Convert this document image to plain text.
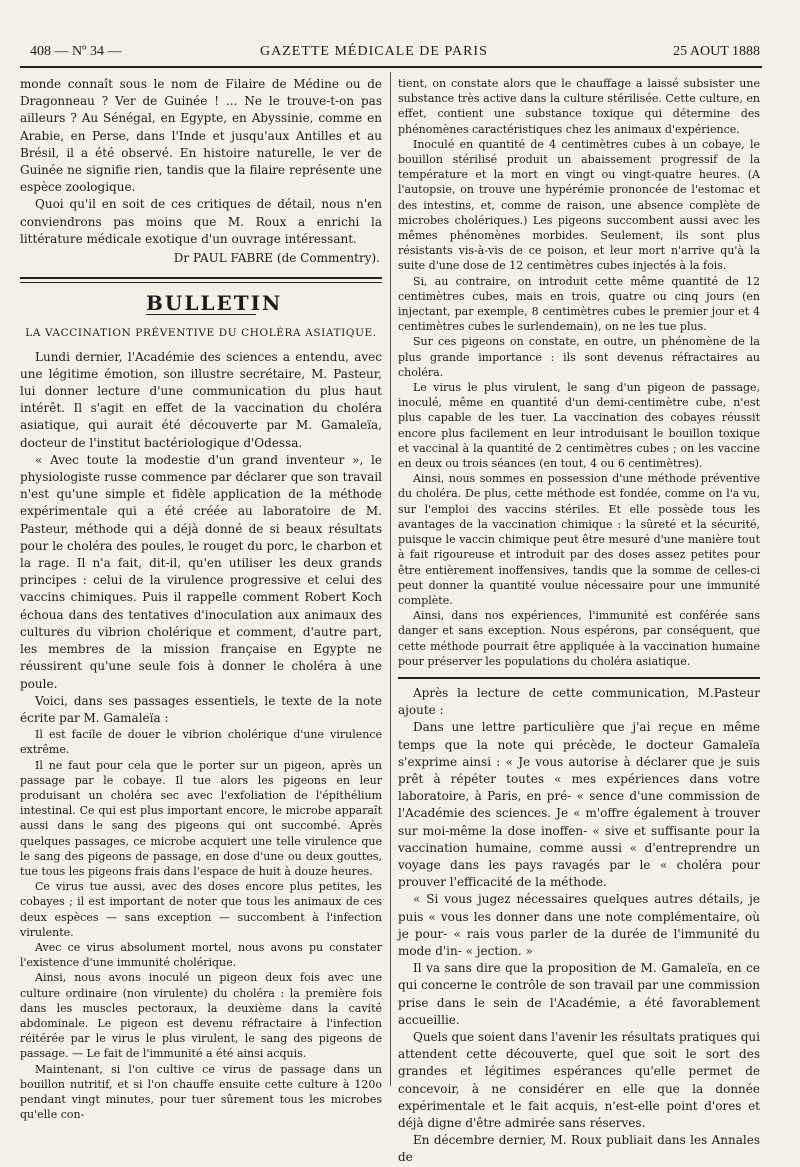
408 — Nº 34 —	GAZETTE MÉDICALE DE PARIS	25 AOUT 1888

monde connaît sous le nom de Filaire de Médine ou de Dragonneau ? Ver de Guinée ! ... Ne le trouve-t-on pas ailleurs ? Au Sénégal, en Egypte, en Abyssinie, comme en Arabie, en Perse, dans l'Inde et jusqu'aux Antilles et au Brésil, il a été observé. En histoire naturelle, le ver de Guinée ne signifie rien, tandis que la filaire représente une espèce zoologique.

Quoi qu'il en soit de ces critiques de détail, nous n'en conviendrons pas moins que M. Roux a enrichi la littérature médicale exotique d'un ouvrage intéressant.

Dr PAUL FABRE (de Commentry).
BULLETIN
LA VACCINATION PRÉVENTIVE DU CHOLÉRA ASIATIQUE.

Lundi dernier, l'Académie des sciences a entendu, avec une légitime émotion, son illustre secrétaire, M. Pasteur, lui donner lecture d'une communication du plus haut intérêt. Il s'agit en effet de la vaccination du choléra asiatique, qui aurait été découverte par M. Gamaleïa, docteur de l'institut bactériologique d'Odessa.

« Avec toute la modestie d'un grand inventeur », le physiologiste russe commence par déclarer que son travail n'est qu'une simple et fidèle application de la méthode expérimentale qui a été créée au laboratoire de M. Pasteur, méthode qui a déjà donné de si beaux résultats pour le choléra des poules, le rouget du porc, le charbon et la rage. Il n'a fait, dit-il, qu'en utiliser les deux grands principes : celui de la virulence progressive et celui des vaccins chimiques. Puis il rappelle comment Robert Koch échoua dans des tentatives d'inoculation aux animaux des cultures du vibrion cholérique et comment, d'autre part, les membres de la mission française en Egypte ne réussirent qu'une seule fois à donner le choléra à une poule.

Voici, dans ses passages essentiels, le texte de la note écrite par M. Gamaleïa :

Il est facile de douer le vibrion cholérique d'une virulence extrême.

Il ne faut pour cela que le porter sur un pigeon, après un passage par le cobaye. Il tue alors les pigeons en leur produisant un choléra sec avec l'exfoliation de l'épithélium intestinal. Ce qui est plus important encore, le microbe apparaît aussi dans le sang des pigeons qui ont succombé. Après quelques passages, ce microbe acquiert une telle virulence que le sang des pigeons de passage, en dose d'une ou deux gouttes, tue tous les pigeons frais dans l'espace de huit à douze heures.

Ce virus tue aussi, avec des doses encore plus petites, les cobayes ; il est important de noter que tous les animaux de ces deux espèces — sans exception — succombent à l'infection virulente.

Avec ce virus absolument mortel, nous avons pu constater l'existence d'une immunité cholérique.

Ainsi, nous avons inoculé un pigeon deux fois avec une culture ordinaire (non virulente) du choléra : la première fois dans les muscles pectoraux, la deuxième dans la cavité abdominale. Le pigeon est devenu réfractaire à l'infection réitérée par le virus le plus virulent, le sang des pigeons de passage. — Le fait de l'immunité a été ainsi acquis.

Maintenant, si l'on cultive ce virus de passage dans un bouillon nutritif, et si l'on chauffe ensuite cette culture à 120o pendant vingt minutes, pour tuer sûrement tous les microbes qu'elle con-

tient, on constate alors que le chauffage a laissé subsister une substance très active dans la culture stérilisée. Cette culture, en effet, contient une substance toxique qui détermine des phénomènes caractéristiques chez les animaux d'expérience.

Inoculé en quantité de 4 centimètres cubes à un cobaye, le bouillon stérilisé produit un abaissement progressif de la température et la mort en vingt ou vingt-quatre heures. (A l'autopsie, on trouve une hypérémie prononcée de l'estomac et des intestins, et, comme de raison, une absence complète de microbes cholériques.) Les pigeons succombent aussi avec les mêmes phénomènes morbides. Seulement, ils sont plus résistants vis-à-vis de ce poison, et leur mort n'arrive qu'à la suite d'une dose de 12 centimètres cubes injectés à la fois.

Si, au contraire, on introduit cette même quantité de 12 centimètres cubes, mais en trois, quatre ou cinq jours (en injectant, par exemple, 8 centimètres cubes le premier jour et 4 centimètres cubes le surlendemain), on ne les tue plus.

Sur ces pigeons on constate, en outre, un phénomène de la plus grande importance : ils sont devenus réfractaires au choléra.

Le virus le plus virulent, le sang d'un pigeon de passage, inoculé, même en quantité d'un demi-centimètre cube, n'est plus capable de les tuer. La vaccination des cobayes réussit encore plus facilement en leur introduisant le bouillon toxique et vaccinal à la quantité de 2 centimètres cubes ; on les vaccine en deux ou trois séances (en tout, 4 ou 6 centimètres).

Ainsi, nous sommes en possession d'une méthode préventive du choléra. De plus, cette méthode est fondée, comme on l'a vu, sur l'emploi des vaccins stériles. Et elle possède tous les avantages de la vaccination chimique : la sûreté et la sécurité, puisque le vaccin chimique peut être mesuré d'une manière tout à fait rigoureuse et introduit par des doses assez petites pour être entièrement inoffensives, tandis que la somme de celles-ci peut donner la quantité voulue nécessaire pour une immunité complète.

Ainsi, dans nos expériences, l'immunité est conférée sans danger et sans exception. Nous espérons, par conséquent, que cette méthode pourrait être appliquée à la vaccination humaine pour préserver les populations du choléra asiatique.

Après la lecture de cette communication, M.Pasteur ajoute :

Dans une lettre particulière que j'ai reçue en même temps que la note qui précède, le docteur Gamaleïa s'exprime ainsi : « Je vous autorise à déclarer que je suis prêt à répéter toutes « mes expériences dans votre laboratoire, à Paris, en pré- « sence d'une commission de l'Académie des sciences. Je « m'offre également à trouver sur moi-même la dose inoffen- « sive et suffisante pour la vaccination humaine, comme aussi « d'entreprendre un voyage dans les pays ravagés par le « choléra pour prouver l'efficacité de la méthode.

« Si vous jugez nécessaires quelques autres détails, je puis « vous les donner dans une note complémentaire, où je pour- « rais vous parler de la durée de l'immunité du mode d'in- « jection. »

Il va sans dire que la proposition de M. Gamaleïa, en ce qui concerne le contrôle de son travail par une commission prise dans le sein de l'Académie, a été favorablement accueillie.

Quels que soient dans l'avenir les résultats pratiques qui attendent cette découverte, quel que soit le sort des grandes et légitimes espérances qu'elle permet de concevoir, à ne considérer en elle que la donnée expérimentale et le fait acquis, n'est-elle point d'ores et déjà digne d'être admirée sans réserves.

En décembre dernier, M. Roux publiait dans les Annales de
